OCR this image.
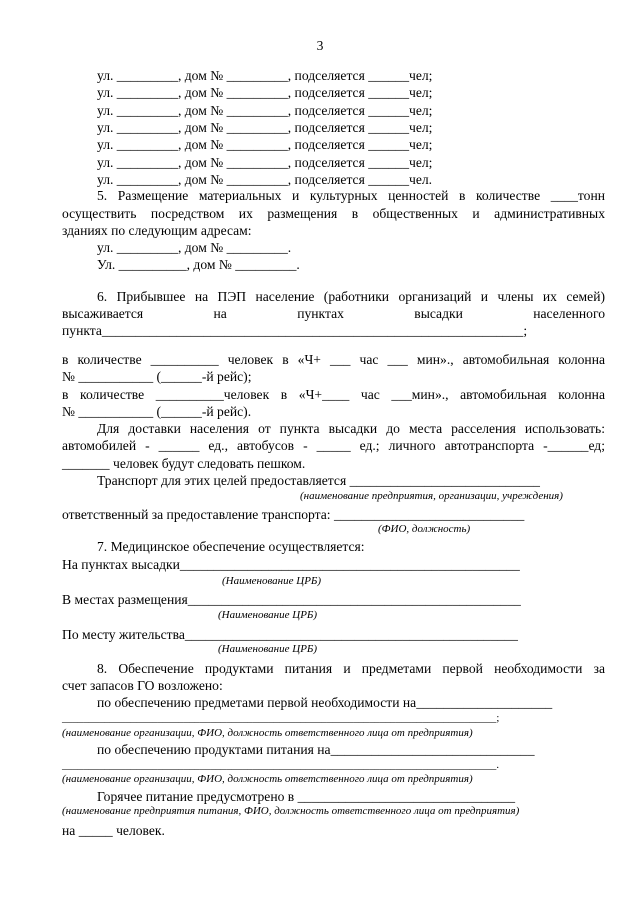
3
ул. _________, дом № _________, подселяется ______чел;
ул. _________, дом № _________, подселяется ______чел;
ул. _________, дом № _________, подселяется ______чел;
ул. _________, дом № _________, подселяется ______чел;
ул. _________, дом № _________, подселяется ______чел;
ул. _________, дом № _________, подселяется ______чел;
ул. _________, дом № _________, подселяется ______чел.
5. Размещение материальных и культурных ценностей в количестве ____тонн
осуществить посредством их размещения в общественных и административных
зданиях по следующим адресам:
ул. _________, дом № _________.
Ул. __________, дом № _________.
6. Прибывшее на ПЭП население (работники организаций и члены их семей)
высаживается на пунктах высадки населенного
пункта______________________________________________________________;
в количестве __________ человек в «Ч+ ___ час ___ мин»., автомобильная колонна
№ ___________ (______-й рейс);
в количестве __________человек в «Ч+____ час ___мин»., автомобильная колонна
№ ___________ (______-й рейс).
Для доставки населения от пункта высадки до места расселения использовать:
автомобилей - ______ ед., автобусов - _____ ед.; личного автотранспорта -______ед;
_______ человек будут следовать пешком.
Транспорт для этих целей предоставляется ____________________________
(наименование предприятия, организации, учреждения)
ответственный за предоставление транспорта: ____________________________
(ФИО, должность)
7. Медицинское обеспечение осуществляется:
На пунктах высадки__________________________________________________
(Наименование ЦРБ)
В местах размещения_________________________________________________
(Наименование ЦРБ)
По месту жительства_________________________________________________
(Наименование ЦРБ)
8. Обеспечение продуктами питания и предметами первой необходимости за
счет запасов ГО возложено:
по обеспечению предметами первой необходимости на____________________
__________________________________________________________________________________;
(наименование организации, ФИО, должность ответственного лица от предприятия)
по обеспечению продуктами питания на______________________________
__________________________________________________________________________________.
(наименование организации, ФИО, должность ответственного лица от предприятия)
Горячее питание предусмотрено в ________________________________
(наименование предприятия питания, ФИО, должность ответственного лица от предприятия)
на _____ человек.
